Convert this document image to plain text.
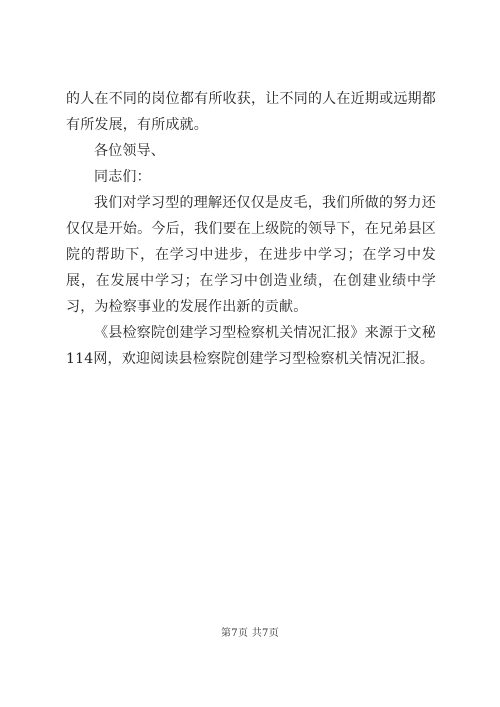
的人在不同的岗位都有所收获，让不同的人在近期或远期都有所发展，有所成就。

各位领导、

同志们：

我们对学习型的理解还仅仅是皮毛，我们所做的努力还仅仅是开始。今后，我们要在上级院的领导下，在兄弟县区院的帮助下，在学习中进步，在进步中学习；在学习中发展，在发展中学习；在学习中创造业绩，在创建业绩中学习，为检察事业的发展作出新的贡献。

《县检察院创建学习型检察机关情况汇报》来源于文秘114网，欢迎阅读县检察院创建学习型检察机关情况汇报。

第7页 共7页
